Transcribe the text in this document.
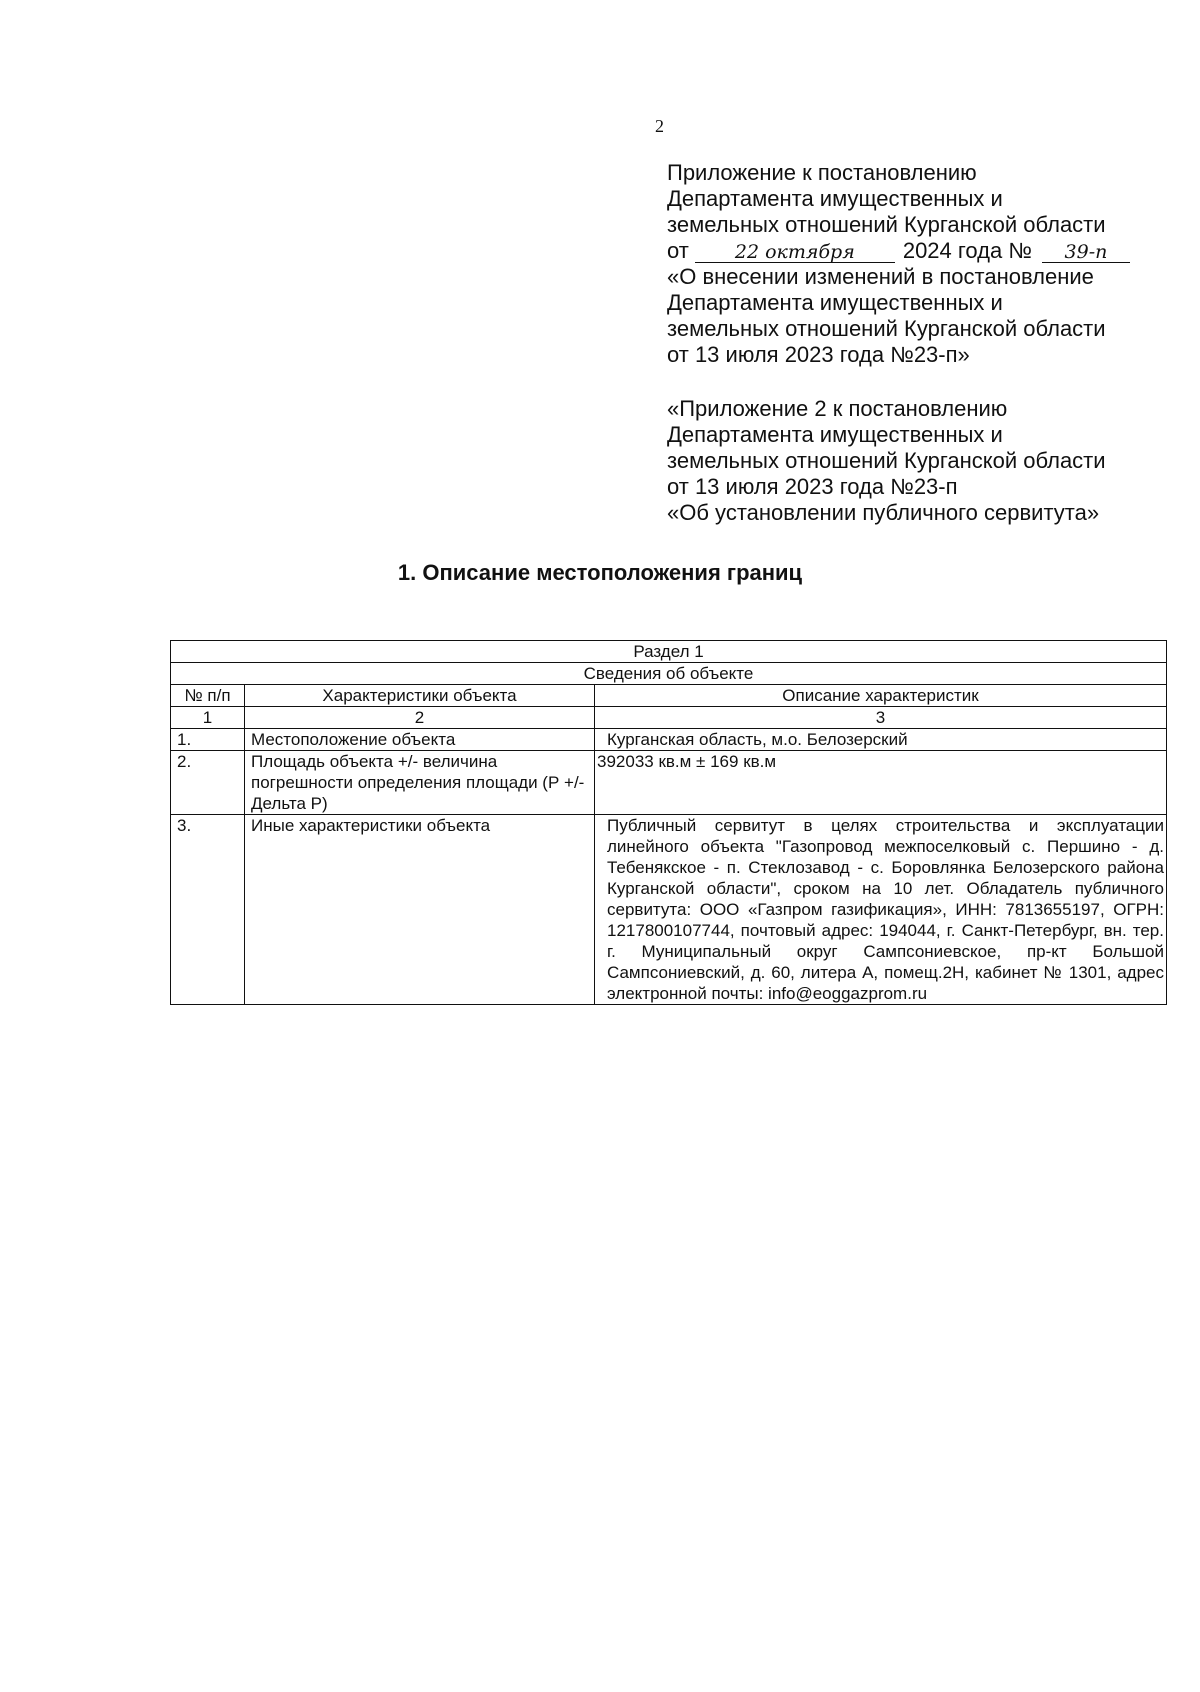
2
Приложение к постановлению
Департамента имущественных и
земельных отношений Курганской области
от 22 октября 2024 года № 39-п
«О внесении изменений в постановление
Департамента имущественных и
земельных отношений Курганской области
от 13 июля 2023 года №23-п»
«Приложение 2 к постановлению
Департамента имущественных и
земельных отношений Курганской области
от 13 июля 2023 года №23-п
«Об установлении публичного сервитута»
1. Описание местоположения границ
Раздел 1		
Сведения об объекте		
№ п/п	Характеристики объекта	Описание характеристик
1	2	3
1.	Местоположение объекта	Курганская область, м.о. Белозерский
2.	Площадь объекта +/- величина погрешности определения площади (Р +/- Дельта Р)	392033 кв.м ± 169 кв.м
3.	Иные характеристики объекта	Публичный сервитут в целях строительства и эксплуатации линейного объекта "Газопровод межпоселковый с. Першино - д. Тебенякское - п. Стеклозавод - с. Боровлянка Белозерского района Курганской области", сроком на 10 лет. Обладатель публичного сервитута: ООО «Газпром газификация», ИНН: 7813655197, ОГРН: 1217800107744, почтовый адрес: 194044, г. Санкт-Петербург, вн. тер. г. Муниципальный округ Сампсониевское, пр-кт Большой Сампсониевский, д. 60, литера А, помещ.2Н, кабинет № 1301, адрес электронной почты: info@eoggazprom.ru
